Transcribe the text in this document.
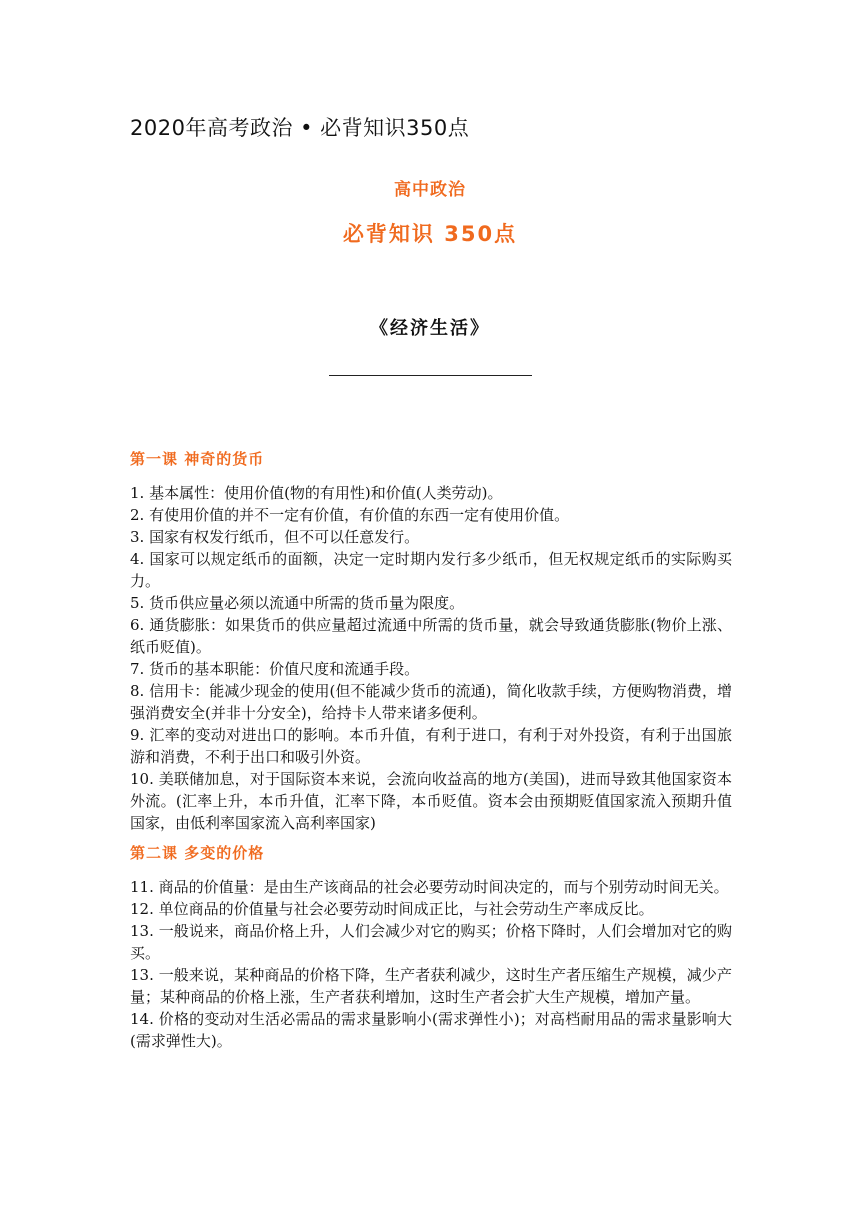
2020年高考政治 • 必背知识350点
高中政治
必背知识 350点
《经济生活》
第一课 神奇的货币
1. 基本属性：使用价值(物的有用性)和价值(人类劳动)。
2. 有使用价值的并不一定有价值，有价值的东西一定有使用价值。
3. 国家有权发行纸币，但不可以任意发行。
4. 国家可以规定纸币的面额，决定一定时期内发行多少纸币，但无权规定纸币的实际购买力。
5. 货币供应量必须以流通中所需的货币量为限度。
6. 通货膨胀：如果货币的供应量超过流通中所需的货币量，就会导致通货膨胀(物价上涨、纸币贬值)。
7. 货币的基本职能：价值尺度和流通手段。
8. 信用卡：能减少现金的使用(但不能减少货币的流通)，简化收款手续，方便购物消费，增强消费安全(并非十分安全)，给持卡人带来诸多便利。
9. 汇率的变动对进出口的影响。本币升值，有利于进口，有利于对外投资，有利于出国旅游和消费，不利于出口和吸引外资。
10. 美联储加息，对于国际资本来说，会流向收益高的地方(美国)，进而导致其他国家资本外流。(汇率上升，本币升值，汇率下降，本币贬值。资本会由预期贬值国家流入预期升值国家，由低利率国家流入高利率国家)
第二课 多变的价格
11. 商品的价值量：是由生产该商品的社会必要劳动时间决定的，而与个别劳动时间无关。
12. 单位商品的价值量与社会必要劳动时间成正比，与社会劳动生产率成反比。
13. 一般说来，商品价格上升，人们会减少对它的购买；价格下降时，人们会增加对它的购买。
13. 一般来说，某种商品的价格下降，生产者获利减少，这时生产者压缩生产规模，减少产量；某种商品的价格上涨，生产者获利增加，这时生产者会扩大生产规模，增加产量。
14. 价格的变动对生活必需品的需求量影响小(需求弹性小)；对高档耐用品的需求量影响大(需求弹性大)。
